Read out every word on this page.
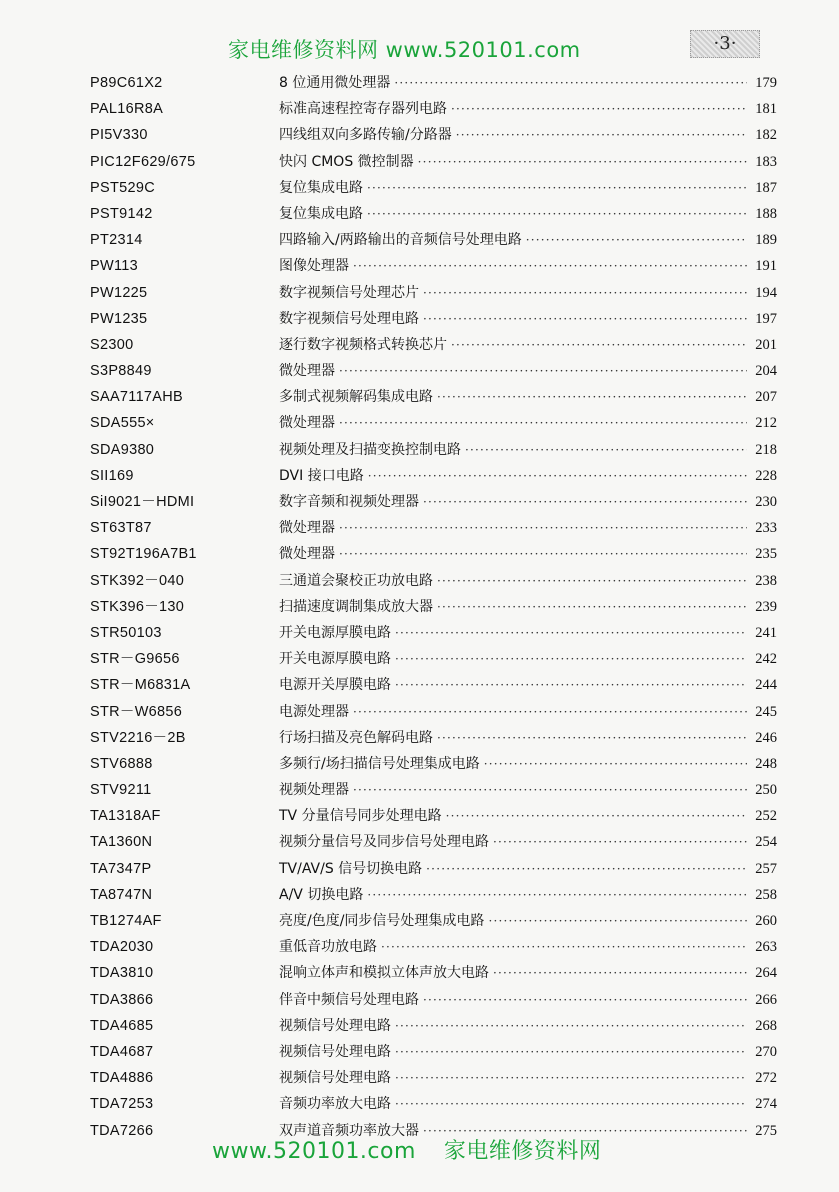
家电维修资料网 www.520101.com	·3·
P89C61X2	8 位通用微处理器 ·····	179
PAL16R8A	标准高速程控寄存器列电路 ·····	181
PI5V330	四线组双向多路传输/分路器 ·····	182
PIC12F629/675	快闪 CMOS 微控制器 ·····	183
PST529C	复位集成电路 ·····	187
PST9142	复位集成电路 ·····	188
PT2314	四路输入/两路输出的音频信号处理电路 ·····	189
PW113	图像处理器 ·····	191
PW1225	数字视频信号处理芯片 ·····	194
PW1235	数字视频信号处理电路 ·····	197
S2300	逐行数字视频格式转换芯片 ·····	201
S3P8849	微处理器 ·····	204
SAA7117AHB	多制式视频解码集成电路 ·····	207
SDA555×	微处理器 ·····	212
SDA9380	视频处理及扫描变换控制电路 ·····	218
SII169	DVI 接口电路 ·····	228
SiI9021－HDMI	数字音频和视频处理器 ·····	230
ST63T87	微处理器 ·····	233
ST92T196A7B1	微处理器 ·····	235
STK392－040	三通道会聚校正功放电路 ·····	238
STK396－130	扫描速度调制集成放大器 ·····	239
STR50103	开关电源厚膜电路 ·····	241
STR－G9656	开关电源厚膜电路 ·····	242
STR－M6831A	电源开关厚膜电路 ·····	244
STR－W6856	电源处理器 ·····	245
STV2216－2B	行场扫描及亮色解码电路 ·····	246
STV6888	多频行/场扫描信号处理集成电路 ·····	248
STV9211	视频处理器 ·····	250
TA1318AF	TV 分量信号同步处理电路 ·····	252
TA1360N	视频分量信号及同步信号处理电路 ·····	254
TA7347P	TV/AV/S 信号切换电路 ·····	257
TA8747N	A/V 切换电路 ·····	258
TB1274AF	亮度/色度/同步信号处理集成电路 ·····	260
TDA2030	重低音功放电路 ·····	263
TDA3810	混响立体声和模拟立体声放大电路 ·····	264
TDA3866	伴音中频信号处理电路 ·····	266
TDA4685	视频信号处理电路 ·····	268
TDA4687	视频信号处理电路 ·····	270
TDA4886	视频信号处理电路 ·····	272
TDA7253	音频功率放大电路 ·····	274
TDA7266	双声道音频功率放大器 ·····	275
www.520101.com 家电维修资料网
